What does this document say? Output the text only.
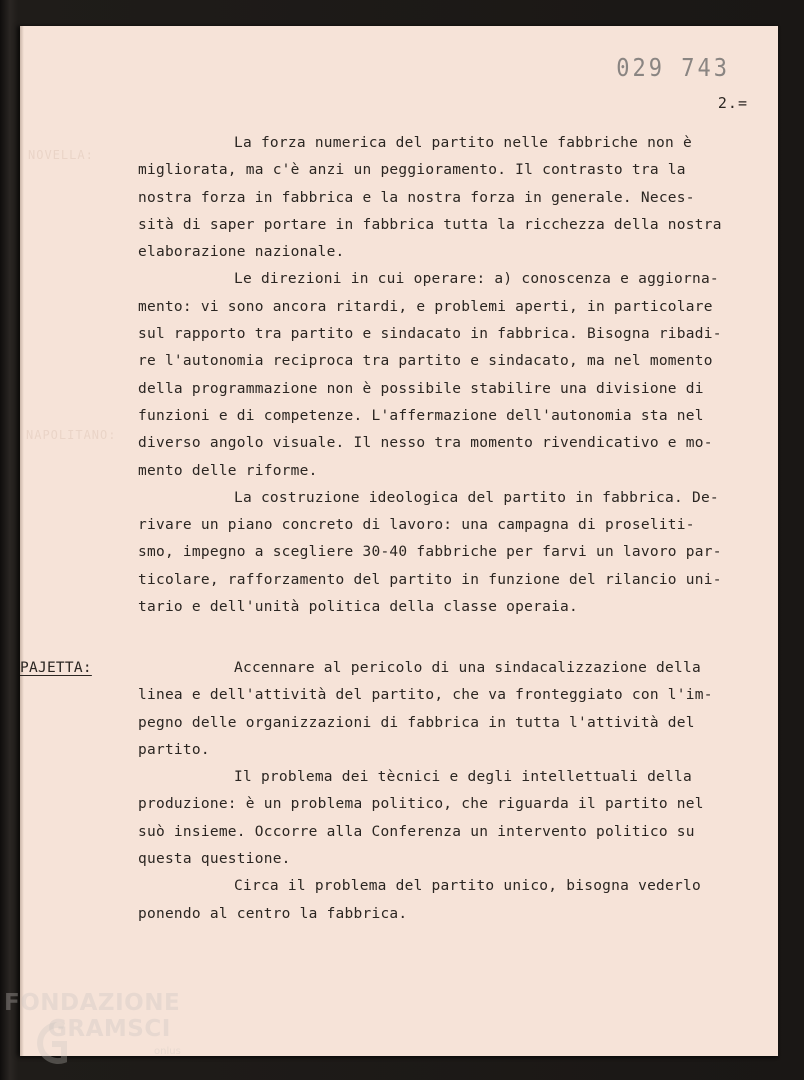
029 743
2.=
NOVELLA:
NAPOLITANO:
La forza numerica del partito nelle fabbriche non è
migliorata, ma c'è anzi un peggioramento. Il contrasto tra la
nostra forza in fabbrica e la nostra forza in generale. Neces-
sità di saper portare in fabbrica tutta la ricchezza della nostra
elaborazione nazionale.
Le direzioni in cui operare: a) conoscenza e aggiorna-
mento: vi sono ancora ritardi, e problemi aperti, in particolare
sul rapporto tra partito e sindacato in fabbrica. Bisogna ribadi-
re l'autonomia reciproca tra partito e sindacato, ma nel momento
della programmazione non è possibile stabilire una divisione di
funzioni e di competenze. L'affermazione dell'autonomia sta nel
diverso angolo visuale. Il nesso tra momento rivendicativo e mo-
mento delle riforme.
La costruzione ideologica del partito in fabbrica. De-
rivare un piano concreto di lavoro: una campagna di proseliti-
smo, impegno a scegliere 30-40 fabbriche per farvi un lavoro par-
ticolare, rafforzamento del partito in funzione del rilancio uni-
tario e dell'unità politica della classe operaia.
PAJETTA:	Accennare al pericolo di una sindacalizzazione della
linea e dell'attività del partito, che va fronteggiato con l'im-
pegno delle organizzazioni di fabbrica in tutta l'attività del
partito.
Il problema dei tècnici e degli intellettuali della
produzione: è un problema politico, che riguarda il partito nel
suò insieme. Occorre alla Conferenza un intervento politico su
questa questione.
Circa il problema del partito unico, bisogna vederlo
ponendo al centro la fabbrica.
FONDAZIONE
GRAMSCI
onlus
